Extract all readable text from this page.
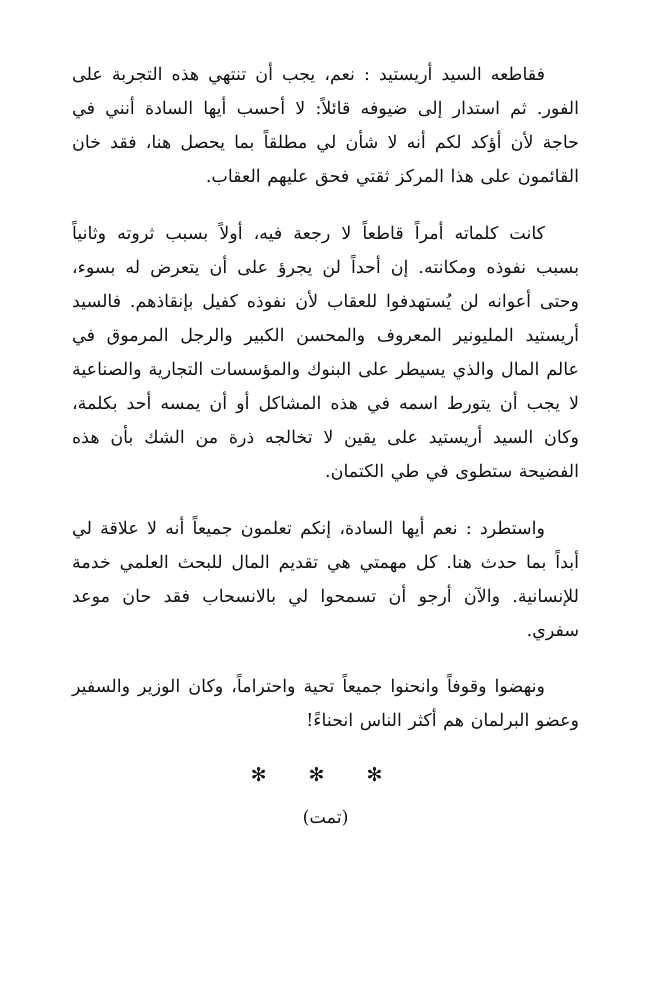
فقاطعه السيد أريستيد : نعم، يجب أن تنتهي هذه التجربة على الفور. ثم استدار إلى ضيوفه قائلاً: لا أحسب أيها السادة أنني في حاجة لأن أؤكد لكم أنه لا شأن لي مطلقاً بما يحصل هنا، فقد خان القائمون على هذا المركز ثقتي فحق عليهم العقاب.

كانت كلماته أمراً قاطعاً لا رجعة فيه، أولاً بسبب ثروته وثانياً بسبب نفوذه ومكانته. إن أحداً لن يجرؤ على أن يتعرض له بسوء، وحتى أعوانه لن يُستهدفوا للعقاب لأن نفوذه كفيل بإنقاذهم. فالسيد أريستيد المليونير المعروف والمحسن الكبير والرجل المرموق في عالم المال والذي يسيطر على البنوك والمؤسسات التجارية والصناعية لا يجب أن يتورط اسمه في هذه المشاكل أو أن يمسه أحد بكلمة، وكان السيد أريستيد على يقين لا تخالجه ذرة من الشك بأن هذه الفضيحة ستطوى في طي الكتمان.

واستطرد : نعم أيها السادة، إنكم تعلمون جميعاً أنه لا علاقة لي أبداً بما حدث هنا. كل مهمتي هي تقديم المال للبحث العلمي خدمة للإنسانية. والآن أرجو أن تسمحوا لي بالانسحاب فقد حان موعد سفري.

ونهضوا وقوفاً وانحنوا جميعاً تحية واحتراماً، وكان الوزير والسفير وعضو البرلمان هم أكثر الناس انحناءً!

✻ ✻ ✻
(تمت)
